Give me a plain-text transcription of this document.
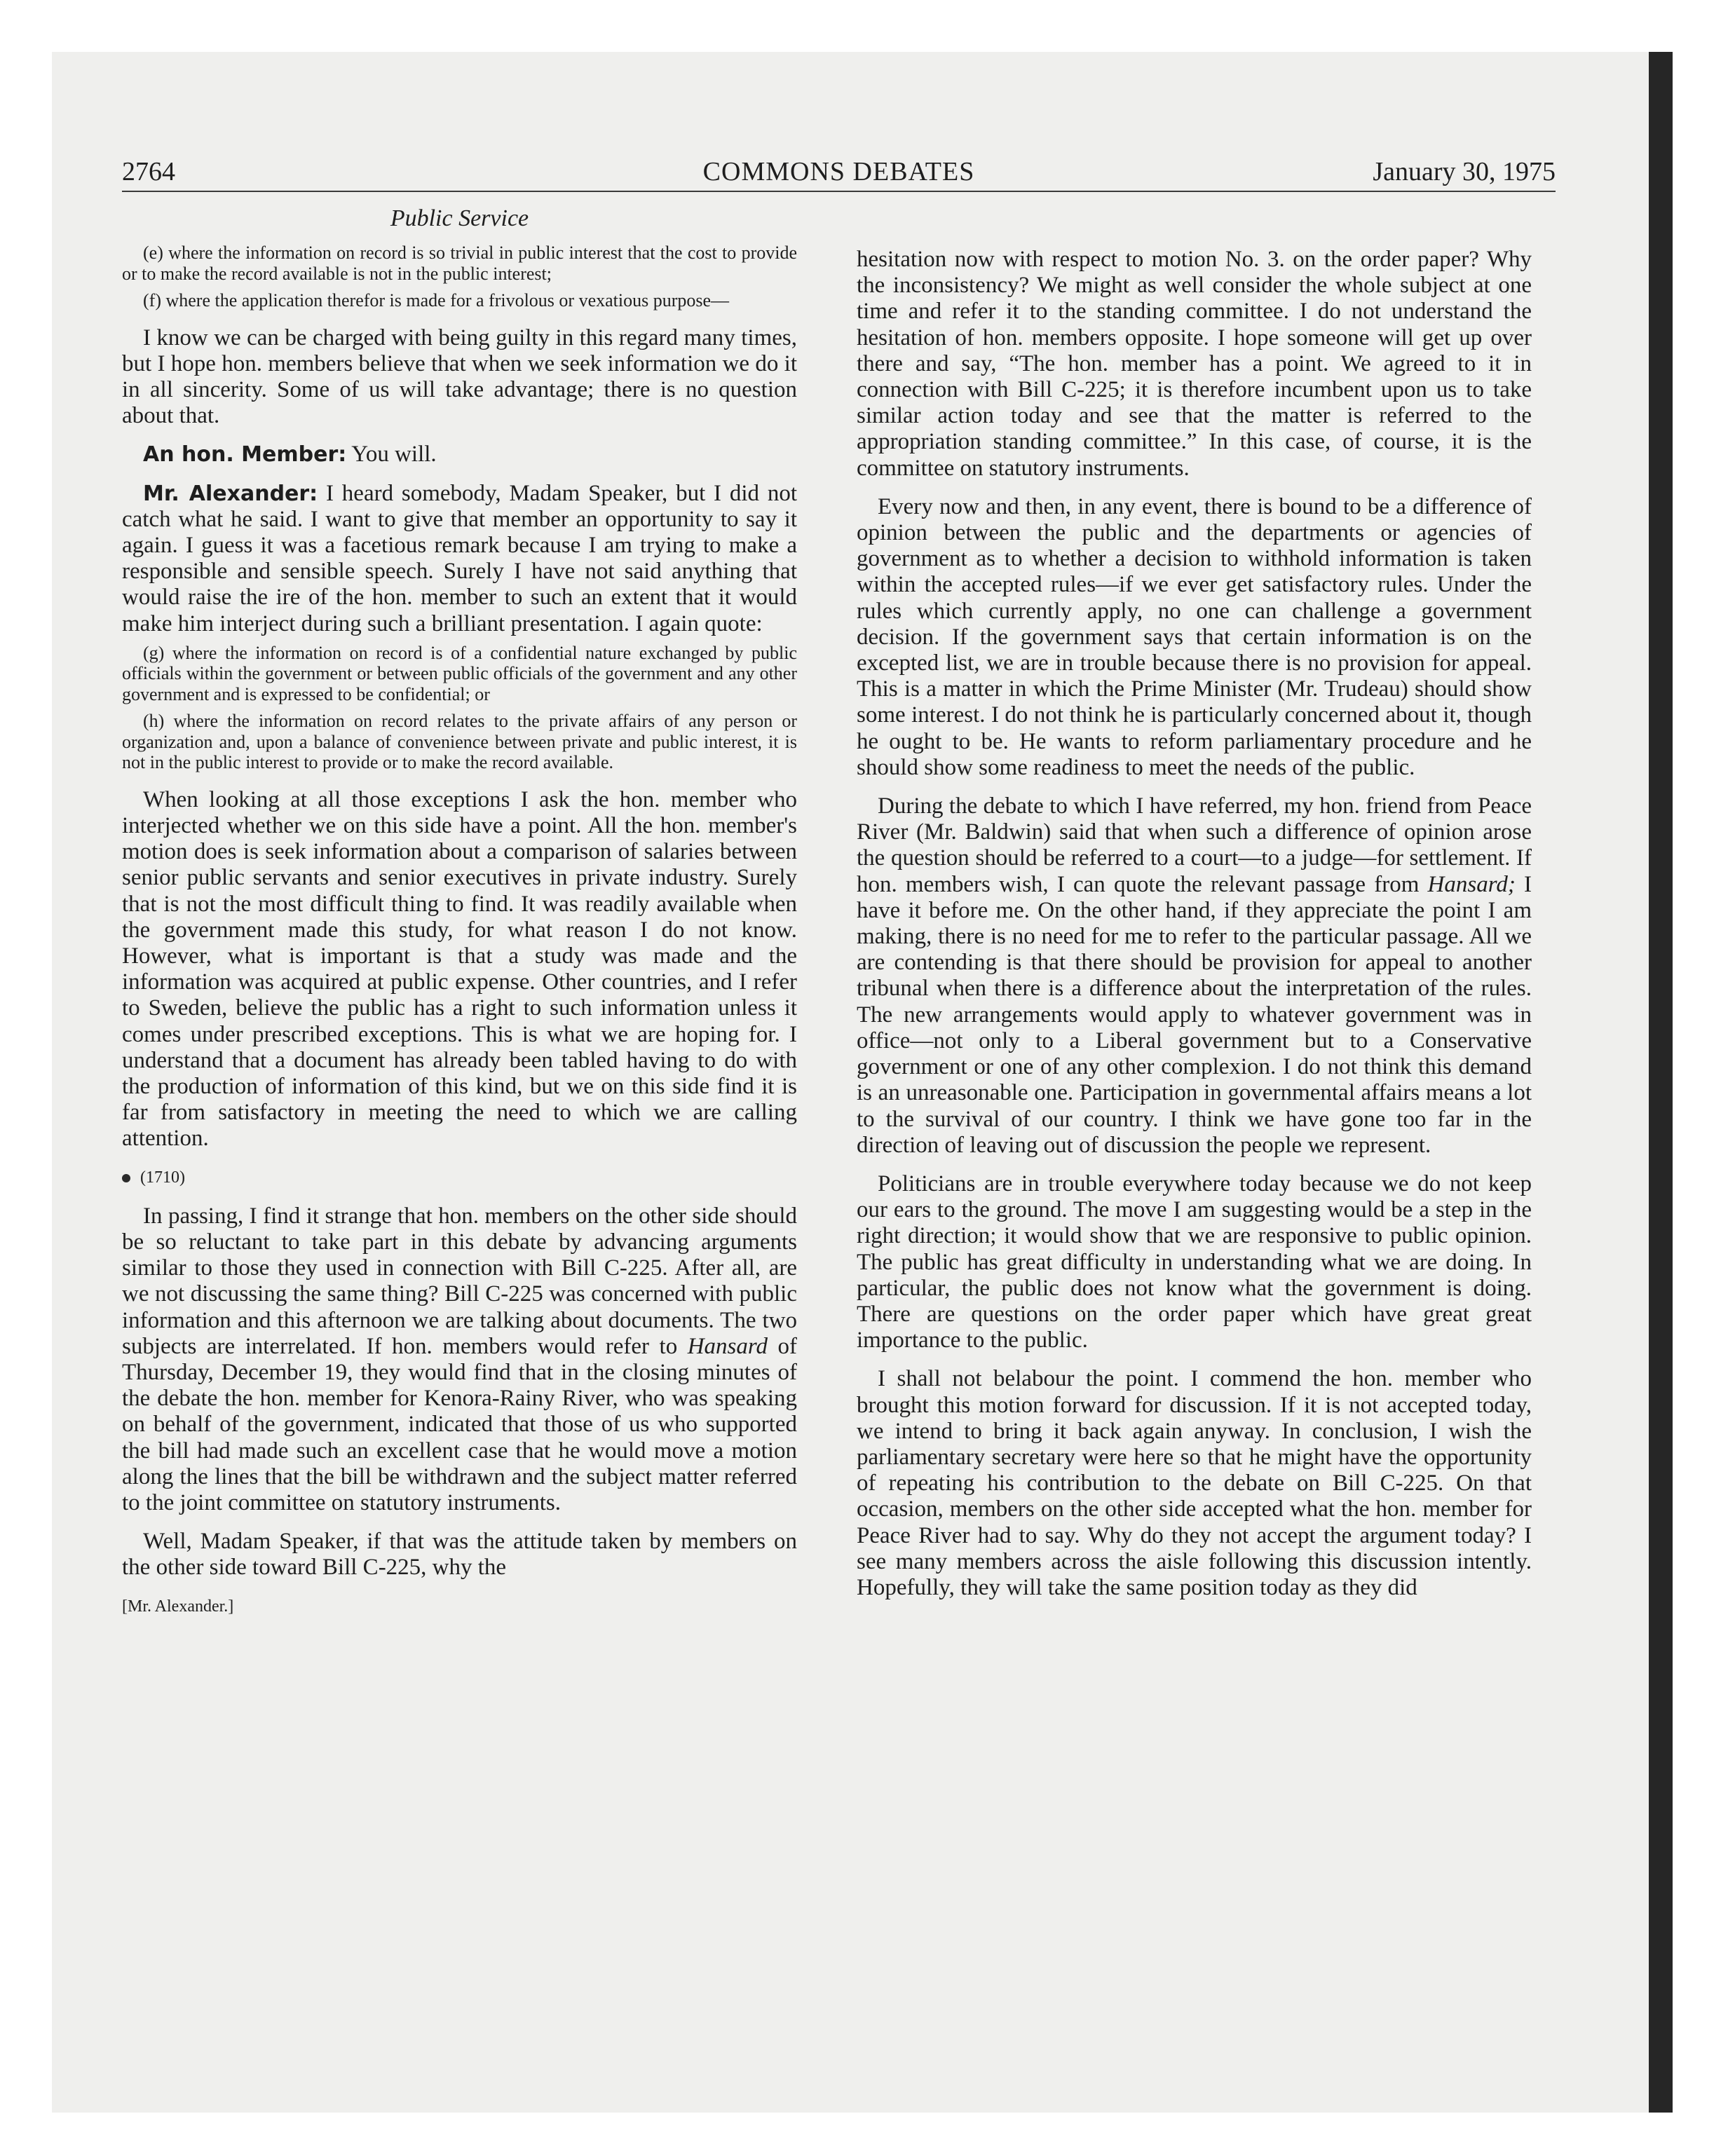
2764	COMMONS DEBATES	January 30, 1975
Public Service

(e) where the information on record is so trivial in public interest that the cost to provide or to make the record available is not in the public interest;

(f) where the application therefor is made for a frivolous or vexatious purpose—

I know we can be charged with being guilty in this regard many times, but I hope hon. members believe that when we seek information we do it in all sincerity. Some of us will take advantage; there is no question about that.

An hon. Member: You will.

Mr. Alexander: I heard somebody, Madam Speaker, but I did not catch what he said. I want to give that member an opportunity to say it again. I guess it was a facetious remark because I am trying to make a responsible and sensible speech. Surely I have not said anything that would raise the ire of the hon. member to such an extent that it would make him interject during such a brilliant presentation. I again quote:

(g) where the information on record is of a confidential nature exchanged by public officials within the government or between public officials of the government and any other government and is expressed to be confidential; or

(h) where the information on record relates to the private affairs of any person or organization and, upon a balance of convenience between private and public interest, it is not in the public interest to provide or to make the record available.

When looking at all those exceptions I ask the hon. member who interjected whether we on this side have a point. All the hon. member's motion does is seek information about a comparison of salaries between senior public servants and senior executives in private industry. Surely that is not the most difficult thing to find. It was readily available when the government made this study, for what reason I do not know. However, what is important is that a study was made and the information was acquired at public expense. Other countries, and I refer to Sweden, believe the public has a right to such information unless it comes under prescribed exceptions. This is what we are hoping for. I understand that a document has already been tabled having to do with the production of information of this kind, but we on this side find it is far from satisfactory in meeting the need to which we are calling attention.

(1710)

In passing, I find it strange that hon. members on the other side should be so reluctant to take part in this debate by advancing arguments similar to those they used in connection with Bill C-225. After all, are we not discussing the same thing? Bill C-225 was concerned with public information and this afternoon we are talking about documents. The two subjects are interrelated. If hon. members would refer to Hansard of Thursday, December 19, they would find that in the closing minutes of the debate the hon. member for Kenora-Rainy River, who was speaking on behalf of the government, indicated that those of us who supported the bill had made such an excellent case that he would move a motion along the lines that the bill be withdrawn and the subject matter referred to the joint committee on statutory instruments.

Well, Madam Speaker, if that was the attitude taken by members on the other side toward Bill C-225, why the

[Mr. Alexander.]

hesitation now with respect to motion No. 3. on the order paper? Why the inconsistency? We might as well consider the whole subject at one time and refer it to the standing committee. I do not understand the hesitation of hon. members opposite. I hope someone will get up over there and say, “The hon. member has a point. We agreed to it in connection with Bill C-225; it is therefore incumbent upon us to take similar action today and see that the matter is referred to the appropriation standing committee.” In this case, of course, it is the committee on statutory instruments.

Every now and then, in any event, there is bound to be a difference of opinion between the public and the departments or agencies of government as to whether a decision to withhold information is taken within the accepted rules—if we ever get satisfactory rules. Under the rules which currently apply, no one can challenge a government decision. If the government says that certain information is on the excepted list, we are in trouble because there is no provision for appeal. This is a matter in which the Prime Minister (Mr. Trudeau) should show some interest. I do not think he is particularly concerned about it, though he ought to be. He wants to reform parliamentary procedure and he should show some readiness to meet the needs of the public.

During the debate to which I have referred, my hon. friend from Peace River (Mr. Baldwin) said that when such a difference of opinion arose the question should be referred to a court—to a judge—for settlement. If hon. members wish, I can quote the relevant passage from Hansard; I have it before me. On the other hand, if they appreciate the point I am making, there is no need for me to refer to the particular passage. All we are contending is that there should be provision for appeal to another tribunal when there is a difference about the interpretation of the rules. The new arrangements would apply to whatever government was in office—not only to a Liberal government but to a Conservative government or one of any other complexion. I do not think this demand is an unreasonable one. Participation in governmental affairs means a lot to the survival of our country. I think we have gone too far in the direction of leaving out of discussion the people we represent.

Politicians are in trouble everywhere today because we do not keep our ears to the ground. The move I am suggesting would be a step in the right direction; it would show that we are responsive to public opinion. The public has great difficulty in understanding what we are doing. In particular, the public does not know what the government is doing. There are questions on the order paper which have great great importance to the public.

I shall not belabour the point. I commend the hon. member who brought this motion forward for discussion. If it is not accepted today, we intend to bring it back again anyway. In conclusion, I wish the parliamentary secretary were here so that he might have the opportunity of repeating his contribution to the debate on Bill C-225. On that occasion, members on the other side accepted what the hon. member for Peace River had to say. Why do they not accept the argument today? I see many members across the aisle following this discussion intently. Hopefully, they will take the same position today as they did
